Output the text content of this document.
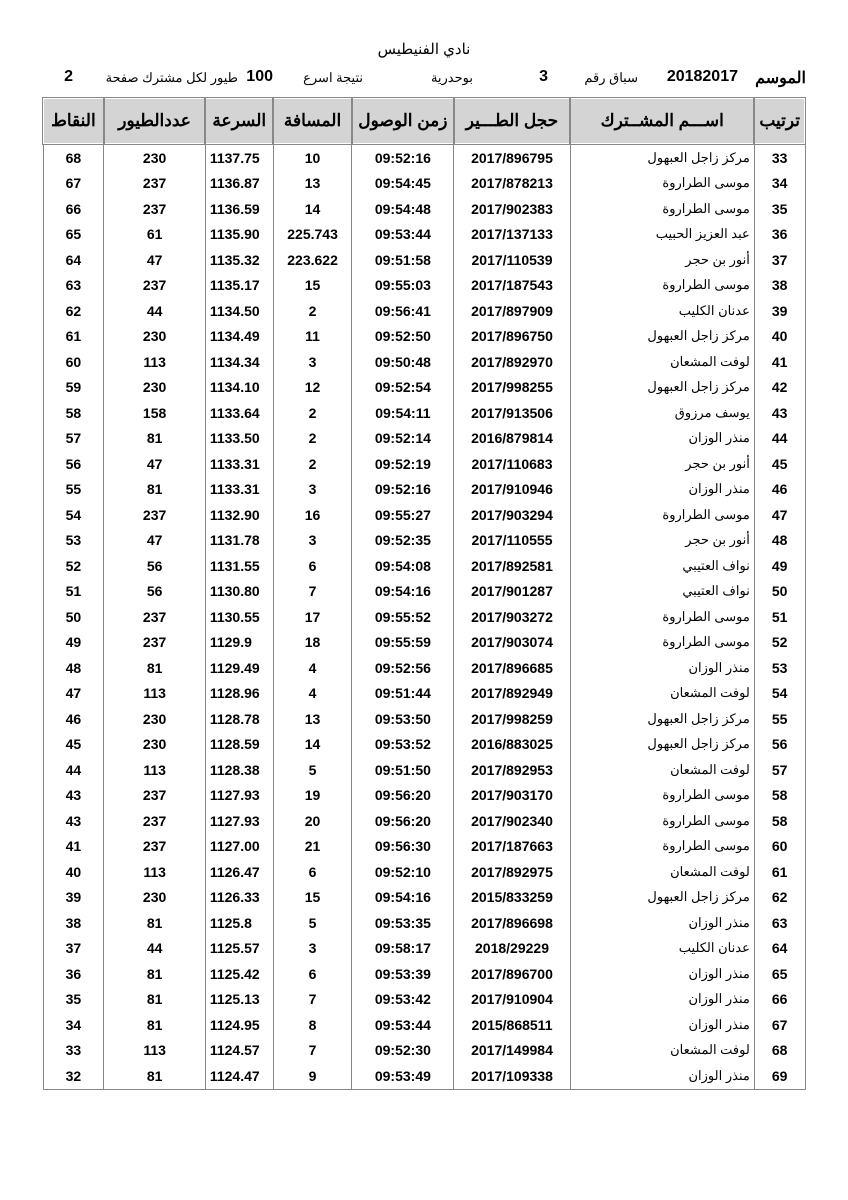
نادي الفنيطيس
الموسم
20182017
سباق رقم
3
بوحدرية
نتيجة اسرع
100
طيور لكل مشترك صفحة
2
ترتيب	اســـم المشــترك	حجل الطـــير	زمن الوصول	المسافة	السرعة	عددالطيور	النقاط
33	مركز زاجل العبهول	2017/896795	09:52:16	10	1137.75	230	68
34	موسى الطراروة	2017/878213	09:54:45	13	1136.87	237	67
35	موسى الطراروة	2017/902383	09:54:48	14	1136.59	237	66
36	عبد العزيز الحبيب	2017/137133	09:53:44	225.743	1135.90	61	65
37	أنور بن حجر	2017/110539	09:51:58	223.622	1135.32	47	64
38	موسى الطراروة	2017/187543	09:55:03	15	1135.17	237	63
39	عدنان الكليب	2017/897909	09:56:41	2	1134.50	44	62
40	مركز زاجل العبهول	2017/896750	09:52:50	11	1134.49	230	61
41	لوفت المشعان	2017/892970	09:50:48	3	1134.34	113	60
42	مركز زاجل العبهول	2017/998255	09:52:54	12	1134.10	230	59
43	يوسف مرزوق	2017/913506	09:54:11	2	1133.64	158	58
44	منذر الوزان	2016/879814	09:52:14	2	1133.50	81	57
45	أنور بن حجر	2017/110683	09:52:19	2	1133.31	47	56
46	منذر الوزان	2017/910946	09:52:16	3	1133.31	81	55
47	موسى الطراروة	2017/903294	09:55:27	16	1132.90	237	54
48	أنور بن حجر	2017/110555	09:52:35	3	1131.78	47	53
49	نواف العتيبي	2017/892581	09:54:08	6	1131.55	56	52
50	نواف العتيبي	2017/901287	09:54:16	7	1130.80	56	51
51	موسى الطراروة	2017/903272	09:55:52	17	1130.55	237	50
52	موسى الطراروة	2017/903074	09:55:59	18	1129.9	237	49
53	منذر الوزان	2017/896685	09:52:56	4	1129.49	81	48
54	لوفت المشعان	2017/892949	09:51:44	4	1128.96	113	47
55	مركز زاجل العبهول	2017/998259	09:53:50	13	1128.78	230	46
56	مركز زاجل العبهول	2016/883025	09:53:52	14	1128.59	230	45
57	لوفت المشعان	2017/892953	09:51:50	5	1128.38	113	44
58	موسى الطراروة	2017/903170	09:56:20	19	1127.93	237	43
58	موسى الطراروة	2017/902340	09:56:20	20	1127.93	237	43
60	موسى الطراروة	2017/187663	09:56:30	21	1127.00	237	41
61	لوفت المشعان	2017/892975	09:52:10	6	1126.47	113	40
62	مركز زاجل العبهول	2015/833259	09:54:16	15	1126.33	230	39
63	منذر الوزان	2017/896698	09:53:35	5	1125.8	81	38
64	عدنان الكليب	2018/29229	09:58:17	3	1125.57	44	37
65	منذر الوزان	2017/896700	09:53:39	6	1125.42	81	36
66	منذر الوزان	2017/910904	09:53:42	7	1125.13	81	35
67	منذر الوزان	2015/868511	09:53:44	8	1124.95	81	34
68	لوفت المشعان	2017/149984	09:52:30	7	1124.57	113	33
69	منذر الوزان	2017/109338	09:53:49	9	1124.47	81	32
